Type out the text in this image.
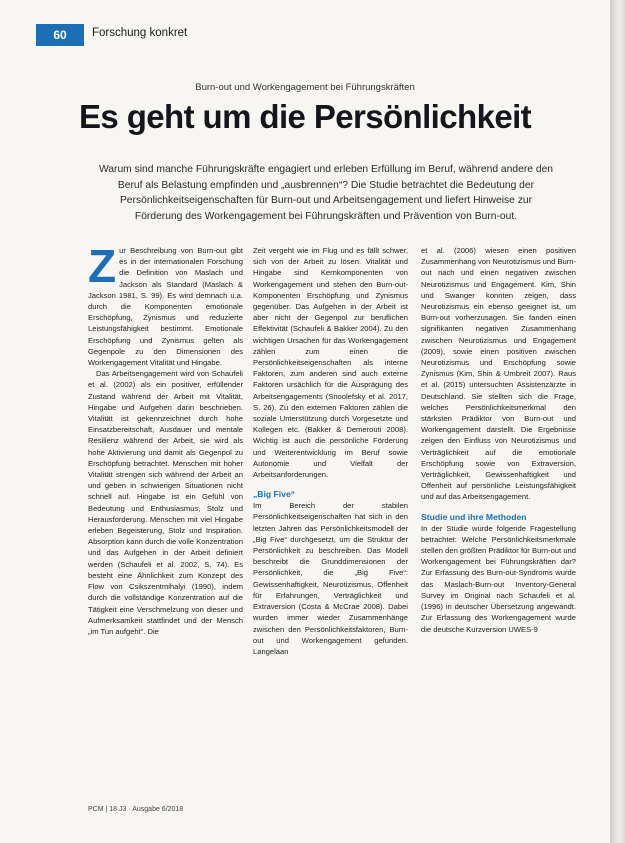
60	Forschung konkret
Burn-out und Workengagement bei Führungskräften
Es geht um die Persönlichkeit
Warum sind manche Führungskräfte engagiert und erleben Erfüllung im Beruf, während andere den Beruf als Belastung empfinden und „ausbrennen“? Die Studie betrachtet die Bedeutung der Persönlichkeitseigenschaften für Burn-out und Arbeitsengagement und liefert Hinweise zur Förderung des Workengagement bei Führungskräften und Prävention von Burn-out.

Zur Beschreibung von Burn-out gibt es in der internationalen Forschung die Definition von Maslach und Jackson als Standard (Maslach & Jackson 1981, S. 99). Es wird demnach u.a. durch die Komponenten emotionale Erschöpfung, Zynismus und reduzierte Leistungsfähigkeit bestimmt. Emotionale Erschöpfung und Zynismus gelten als Gegenpole zu den Dimensionen des Workengagement Vitalität und Hingabe.

Das Arbeitsengagement wird von Schaufeli et al. (2002) als ein positiver, erfüllender Zustand während der Arbeit mit Vitalität, Hingabe und Aufgehen darin beschrieben. Vitalität ist gekennzeichnet durch hohe Einsatzbereitschaft, Ausdauer und mentale Resilienz während der Arbeit, sie wird als hohe Aktivierung und damit als Gegenpol zu Erschöpfung betrachtet. Menschen mit hoher Vitalität strengen sich während der Arbeit an und geben in schwierigen Situationen nicht schnell auf. Hingabe ist ein Gefühl von Bedeutung und Enthusiasmus, Stolz und Herausforderung. Menschen mit viel Hingabe erleben Begeisterung, Stolz und Inspiration. Absorption kann durch die volle Konzentration und das Aufgehen in der Arbeit definiert werden (Schaufeli et al. 2002, S. 74). Es besteht eine Ähnlichkeit zum Konzept des Flow von Csikszentmihalyi (1990), indem durch die vollständige Konzentration auf die Tätigkeit eine Verschmelzung von dieser und Aufmerksamkeit stattfindet und der Mensch „im Tun aufgeht“. Die

Zeit vergeht wie im Flug und es fällt schwer, sich von der Arbeit zu lösen. Vitalität und Hingabe sind Kernkomponenten von Workengagement und stehen den Burn-out-Komponenten Erschöpfung und Zynismus gegenüber. Das Aufgehen in der Arbeit ist aber nicht der Gegenpol zur beruflichen Effektivität (Schaufeli & Bakker 2004). Zu den wichtigen Ursachen für das Workengagement zählen zum einen die Persönlichkeitseigenschaften als interne Faktoren, zum anderen sind auch externe Faktoren ursächlich für die Ausprägung des Arbeitsengagements (Snoolefsky et al. 2017, S. 26). Zu den externen Faktoren zählen die soziale Unterstützung durch Vorgesetzte und Kollegen etc. (Bakker & Demerouti 2008). Wichtig ist auch die persönliche Förderung und Weiterentwicklung im Beruf sowie Autonomie und Vielfalt der Arbeitsanforderungen.

„Big Five“

Im Bereich der stabilen Persönlichkeitseigenschaften hat sich in den letzten Jahren das Persönlichkeitsmodell der „Big Five“ durchgesetzt, um die Struktur der Persönlichkeit zu beschreiben. Das Modell beschreibt die Grunddimensionen der Persönlichkeit, die „Big Five“: Gewissenhaftigkeit, Neurotizismus, Offenheit für Erfahrungen, Verträglichkeit und Extraversion (Costa & McCrae 2008). Dabei wurden immer wieder Zusammenhänge zwischen den Persönlichkeitsfaktoren, Burn-out und Workengagement gefunden. Langelaan

et al. (2006) wiesen einen positiven Zusammenhang von Neurotizismus und Burn-out nach und einen negativen zwischen Neurotizismus und Engagement. Kim, Shin und Swanger konnten zeigen, dass Neurotizismus ein ebenso geeignet ist, um Burn-out vorherzusagen. Sie fanden einen signifikanten negativen Zusammenhang zwischen Neurotizismus und Engagement (2009), sowie einen positiven zwischen Neurotizismus und Erschöpfung sowie Zynismus (Kim, Shin & Umbreit 2007). Raus et al. (2015) untersuchten Assistenzärzte in Deutschland. Sie stellten sich die Frage, welches Persönlichkeitsmerkmal den stärksten Prädiktor von Burn-out und Workengagement darstellt. Die Ergebnisse zeigen den Einfluss von Neurotizismus und Verträglichkeit auf die emotionale Erschöpfung sowie von Extraversion, Verträglichkeit, Gewissenhaftigkeit und Offenheit auf persönliche Leistungsfähigkeit und auf das Arbeitsengagement.

Studie und ihre Methoden

In der Studie wurde folgende Fragestellung betrachtet: Welche Persönlichkeitsmerkmale stellen den größten Prädiktor für Burn-out und Workengagement bei Führungskräften dar? Zur Erfassung des Burn-out-Syndroms wurde das Maslach-Burn-out Inventory-General Survey im Original nach Schaufeli et al. (1996) in deutscher Übersetzung angewandt. Zur Erfassung des Workengagement wurde die deutsche Kurzversion UWES-9

PCM | 18 J3 · Ausgabe 6/2018
